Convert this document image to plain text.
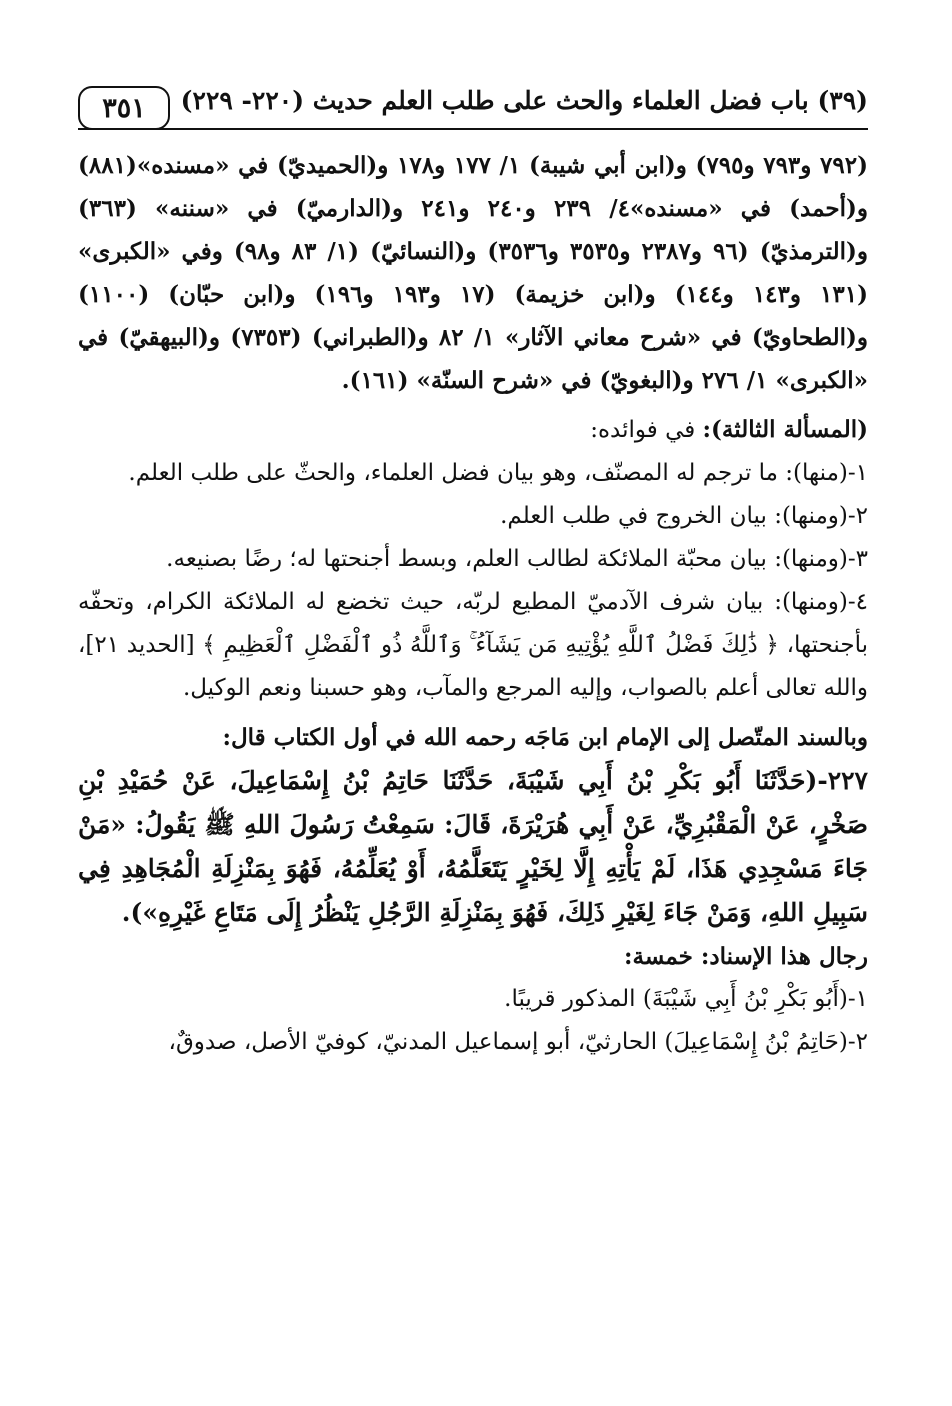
(٣٩) باب فضل العلماء والحث على طلب العلم حديث (٢٢٠- ٢٢٩)
٣٥١

(٧٩٢ و٧٩٣ و٧٩٥) و(ابن أبي شيبة) ١/ ١٧٧ و١٧٨ و(الحميديّ) في «مسنده»(٨٨١) و(أحمد) في «مسنده»٤/ ٢٣٩ و٢٤٠ و٢٤١ و(الدارميّ) في «سننه» (٣٦٣) و(الترمذيّ) (٩٦ و٢٣٨٧ و٣٥٣٥ و٣٥٣٦) و(النسائيّ) (١/ ٨٣ و٩٨) وفي «الكبرى» (١٣١ و١٤٣ و١٤٤) و(ابن خزيمة) (١٧ و١٩٣ و١٩٦) و(ابن حبّان) (١١٠٠) و(الطحاويّ) في «شرح معاني الآثار» ١/ ٨٢ و(الطبراني) (٧٣٥٣) و(البيهقيّ) في «الكبرى» ١/ ٢٧٦ و(البغويّ) في «شرح السنّة» (١٦١).

(المسألة الثالثة): في فوائده:

١-(منها): ما ترجم له المصنّف، وهو بيان فضل العلماء، والحثّ على طلب العلم.

٢-(ومنها): بيان الخروج في طلب العلم.

٣-(ومنها): بيان محبّة الملائكة لطالب العلم، وبسط أجنحتها له؛ رضًا بصنيعه.

٤-(ومنها): بيان شرف الآدميّ المطيع لربّه، حيث تخضع له الملائكة الكرام، وتحفّه بأجنحتها، ﴿ ذَٰلِكَ فَضْلُ ٱللَّهِ يُؤْتِيهِ مَن يَشَآءُ ۚ وَٱللَّهُ ذُو ٱلْفَضْلِ ٱلْعَظِيمِ ﴾ [الحديد ٢١]، والله تعالى أعلم بالصواب، وإليه المرجع والمآب، وهو حسبنا ونعم الوكيل.

وبالسند المتّصل إلى الإمام ابن مَاجَه رحمه الله في أول الكتاب قال:

٢٢٧-(حَدَّثَنَا أَبُو بَكْرِ بْنُ أَبِي شَيْبَةَ، حَدَّثَنَا حَاتِمُ بْنُ إِسْمَاعِيلَ، عَنْ حُمَيْدِ بْنِ صَخْرٍ، عَنْ الْمَقْبُرِيِّ، عَنْ أَبِي هُرَيْرَةَ، قَالَ: سَمِعْتُ رَسُولَ اللهِ ﷺ يَقُولُ: «مَنْ جَاءَ مَسْجِدِي هَذَا، لَمْ يَأْتِهِ إِلَّا لِخَيْرٍ يَتَعَلَّمُهُ، أَوْ يُعَلِّمُهُ، فَهُوَ بِمَنْزِلَةِ الْمُجَاهِدِ فِي سَبِيلِ اللهِ، وَمَنْ جَاءَ لِغَيْرِ ذَلِكَ، فَهُوَ بِمَنْزِلَةِ الرَّجُلِ يَنْظُرُ إِلَى مَتَاعِ غَيْرِهِ»).

رجال هذا الإسناد: خمسة:

١-(أَبُو بَكْرِ بْنُ أَبِي شَيْبَةَ) المذكور قريبًا.

٢-(حَاتِمُ بْنُ إِسْمَاعِيلَ) الحارثيّ، أبو إسماعيل المدنيّ، كوفيّ الأصل، صدوقٌ،
